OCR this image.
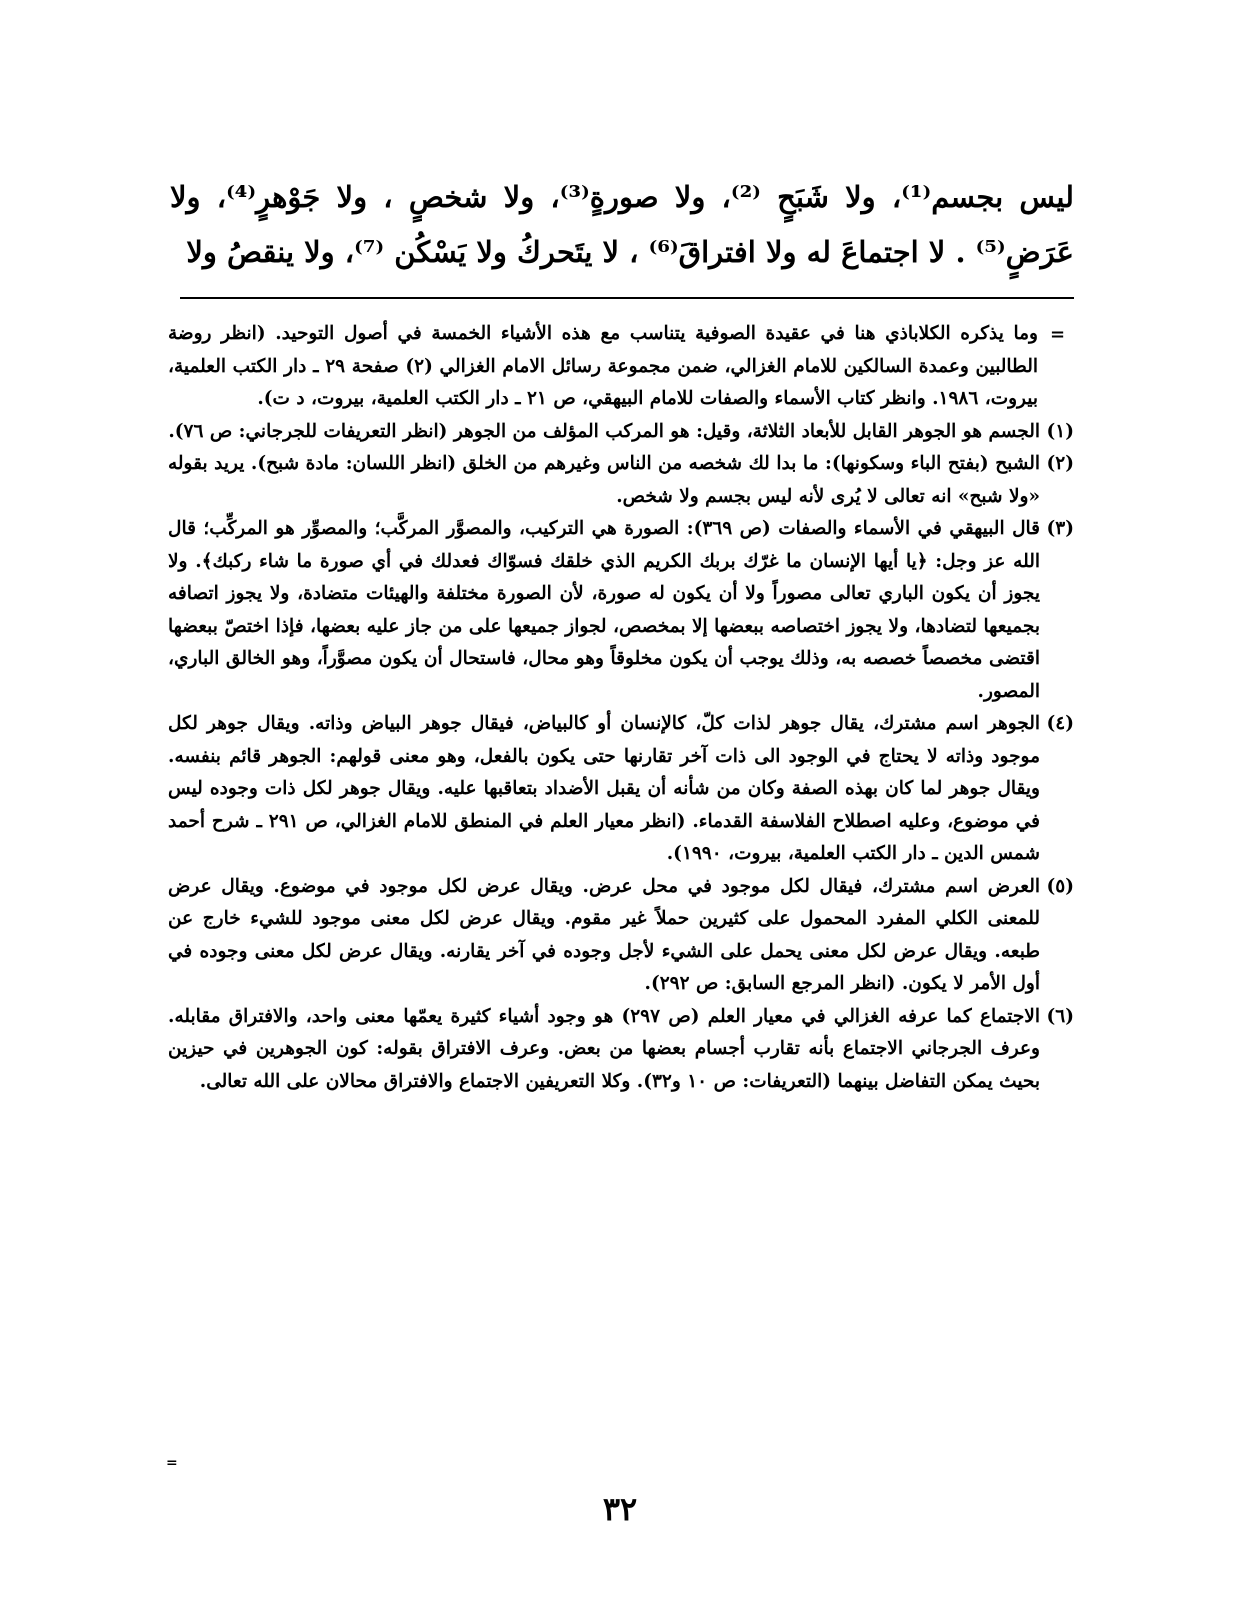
ليس بجسم⁽¹⁾، ولا شَبَحٍ ⁽²⁾، ولا صورةٍ⁽³⁾، ولا شخصٍ ، ولا جَوْهرٍ⁽⁴⁾، ولا عَرَضٍ⁽⁵⁾ . لا اجتماعَ له ولا افتراقَ⁽⁶⁾ ، لا يتَحركُ ولا يَسْكُن ⁽⁷⁾، ولا ينقصُ ولا
=

وما يذكره الكلاباذي هنا في عقيدة الصوفية يتناسب مع هذه الأشياء الخمسة في أصول التوحيد. (انظر روضة الطالبين وعمدة السالكين للامام الغزالي، ضمن مجموعة رسائل الامام الغزالي (٢) صفحة ٢٩ ـ دار الكتب العلمية، بيروت، ١٩٨٦. وانظر كتاب الأسماء والصفات للامام البيهقي، ص ٢١ ـ دار الكتب العلمية، بيروت، د ت).

(١)
الجسم هو الجوهر القابل للأبعاد الثلاثة، وقيل: هو المركب المؤلف من الجوهر (انظر التعريفات للجرجاني: ص ٧٦).
(٢)
الشبح (بفتح الباء وسكونها): ما بدا لك شخصه من الناس وغيرهم من الخلق (انظر اللسان: مادة شبح). يريد بقوله «ولا شبح» انه تعالى لا يُرى لأنه ليس بجسم ولا شخص.
(٣)
قال البيهقي في الأسماء والصفات (ص ٣٦٩): الصورة هي التركيب، والمصوَّر المركَّب؛ والمصوِّر هو المركِّب؛ قال الله عز وجل: ﴿يا أيها الإنسان ما غرّك بربك الكريم الذي خلقك فسوّاك فعدلك في أي صورة ما شاء ركبك﴾. ولا يجوز أن يكون الباري تعالى مصوراً ولا أن يكون له صورة، لأن الصورة مختلفة والهيئات متضادة، ولا يجوز اتصافه بجميعها لتضادها، ولا يجوز اختصاصه ببعضها إلا بمخصص، لجواز جميعها على من جاز عليه بعضها، فإذا اختصّ ببعضها اقتضى مخصصاً خصصه به، وذلك يوجب أن يكون مخلوقاً وهو محال، فاستحال أن يكون مصوَّراً، وهو الخالق الباري، المصور.
(٤)
الجوهر اسم مشترك، يقال جوهر لذات كلّ، كالإنسان أو كالبياض، فيقال جوهر البياض وذاته. ويقال جوهر لكل موجود وذاته لا يحتاج في الوجود الى ذات آخر تقارنها حتى يكون بالفعل، وهو معنى قولهم: الجوهر قائم بنفسه. ويقال جوهر لما كان بهذه الصفة وكان من شأنه أن يقبل الأضداد بتعاقبها عليه. ويقال جوهر لكل ذات وجوده ليس في موضوع، وعليه اصطلاح الفلاسفة القدماء. (انظر معيار العلم في المنطق للامام الغزالي، ص ٢٩١ ـ شرح أحمد شمس الدين ـ دار الكتب العلمية، بيروت، ١٩٩٠).
(٥)
العرض اسم مشترك، فيقال لكل موجود في محل عرض. ويقال عرض لكل موجود في موضوع. ويقال عرض للمعنى الكلي المفرد المحمول على كثيرين حملاً غير مقوم. ويقال عرض لكل معنى موجود للشيء خارج عن طبعه. ويقال عرض لكل معنى يحمل على الشيء لأجل وجوده في آخر يقارنه. ويقال عرض لكل معنى وجوده في أول الأمر لا يكون. (انظر المرجع السابق: ص ٢٩٢).
(٦)
الاجتماع كما عرفه الغزالي في معيار العلم (ص ٢٩٧) هو وجود أشياء كثيرة يعمّها معنى واحد، والافتراق مقابله. وعرف الجرجاني الاجتماع بأنه تقارب أجسام بعضها من بعض. وعرف الافتراق بقوله: كون الجوهرين في حيزين بحيث يمكن التفاضل بينهما (التعريفات: ص ١٠ و٣٢). وكلا التعريفين الاجتماع والافتراق محالان على الله تعالى.
=
٣٢
